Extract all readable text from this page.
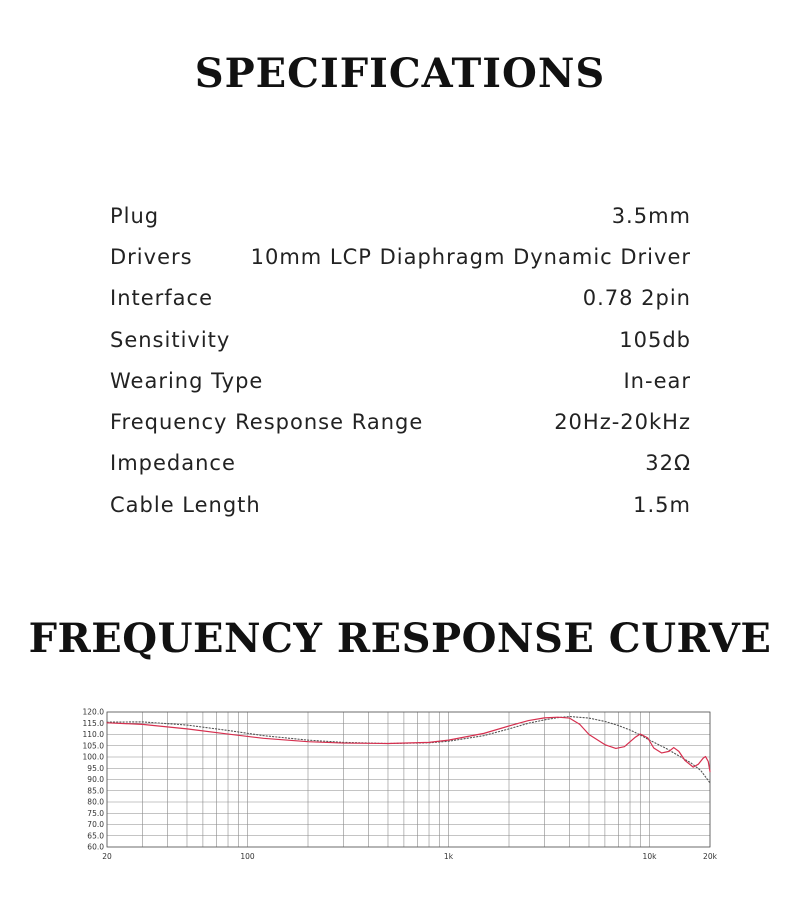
SPECIFICATIONS
Plug	3.5mm
Drivers	10mm LCP Diaphragm Dynamic Driver
Interface	0.78 2pin
Sensitivity	105db
Wearing Type	In-ear
Frequency Response Range	20Hz-20kHz
Impedance	32Ω
Cable Length	1.5m
FREQUENCY RESPONSE CURVE
60.0
65.0
70.0
75.0
80.0
85.0
90.0
95.0
100.0
105.0
110.0
115.0
120.0
20	100	1k	10k	20k
